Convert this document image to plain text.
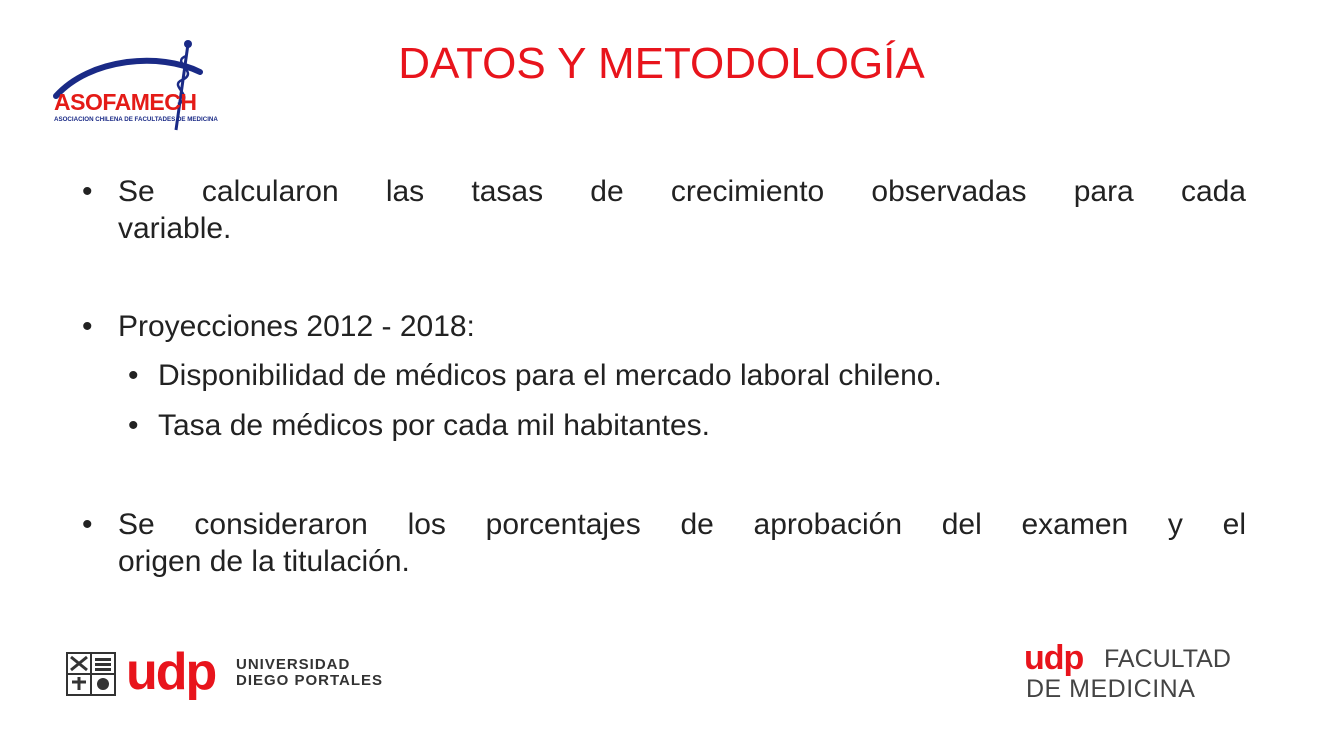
ASOFAMECH
ASOCIACION CHILENA DE FACULTADES DE MEDICINA
DATOS Y METODOLOGÍA
• Se calcularon las tasas de crecimiento observadas para cada
variable.
• Proyecciones 2012 - 2018:
• Disponibilidad de médicos para el mercado laboral chileno.
• Tasa de médicos por cada mil habitantes.
• Se consideraron los porcentajes de aprobación del examen y el
origen de la titulación.
udp UNIVERSIDAD
DIEGO PORTALES
udp FACULTAD
DE MEDICINA
